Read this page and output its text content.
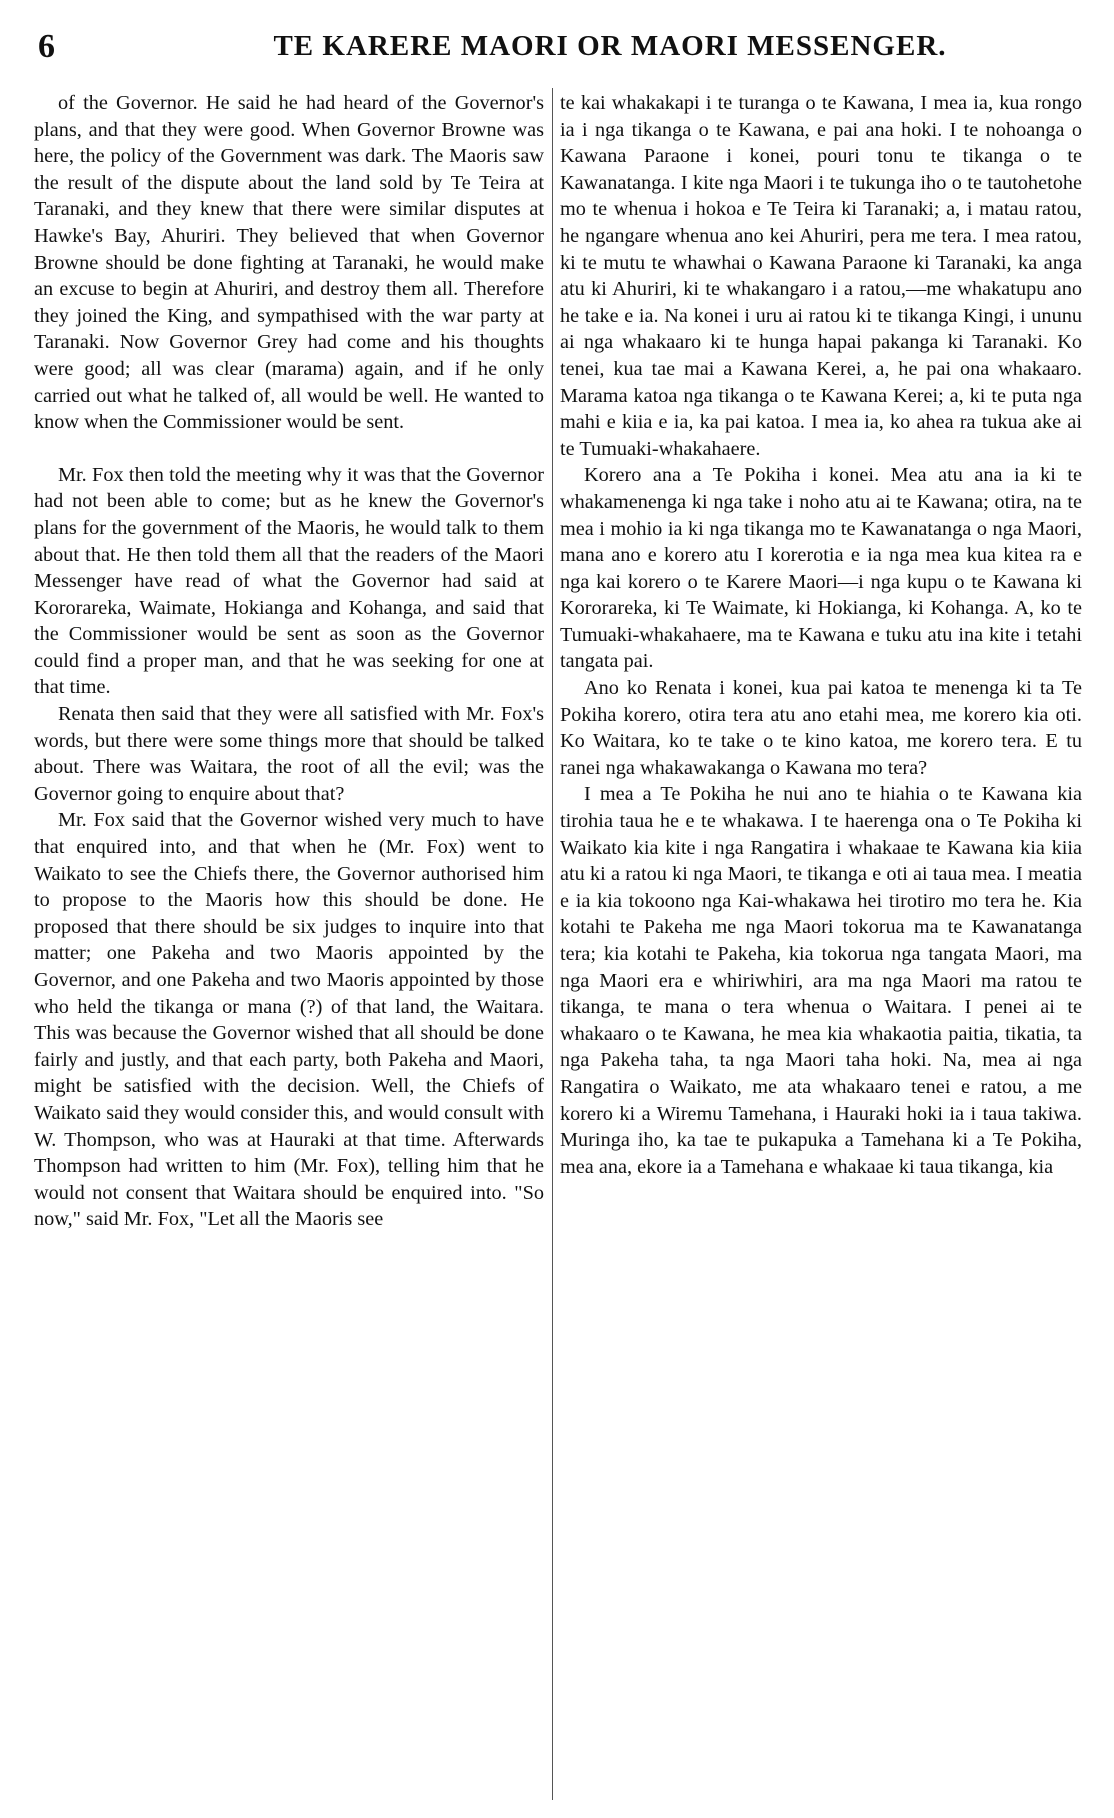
6	TE KARERE MAORI OR MAORI MESSENGER.

of the Governor. He said he had heard of the Governor's plans, and that they were good. When Governor Browne was here, the policy of the Government was dark. The Maoris saw the result of the dispute about the land sold by Te Teira at Taranaki, and they knew that there were similar disputes at Hawke's Bay, Ahuriri. They believed that when Governor Browne should be done fighting at Taranaki, he would make an excuse to begin at Ahuriri, and destroy them all. Therefore they joined the King, and sympathised with the war party at Taranaki. Now Governor Grey had come and his thoughts were good; all was clear (marama) again, and if he only carried out what he talked of, all would be well. He wanted to know when the Commissioner would be sent.

Mr. Fox then told the meeting why it was that the Governor had not been able to come; but as he knew the Governor's plans for the government of the Maoris, he would talk to them about that. He then told them all that the readers of the Maori Messenger have read of what the Governor had said at Kororareka, Waimate, Hokianga and Kohanga, and said that the Commissioner would be sent as soon as the Governor could find a proper man, and that he was seeking for one at that time.

Renata then said that they were all satisfied with Mr. Fox's words, but there were some things more that should be talked about. There was Waitara, the root of all the evil; was the Governor going to enquire about that?

Mr. Fox said that the Governor wished very much to have that enquired into, and that when he (Mr. Fox) went to Waikato to see the Chiefs there, the Governor authorised him to propose to the Maoris how this should be done. He proposed that there should be six judges to inquire into that matter; one Pakeha and two Maoris appointed by the Governor, and one Pakeha and two Maoris appointed by those who held the tikanga or mana (?) of that land, the Waitara. This was because the Governor wished that all should be done fairly and justly, and that each party, both Pakeha and Maori, might be satisfied with the decision. Well, the Chiefs of Waikato said they would consider this, and would consult with W. Thompson, who was at Hauraki at that time. Afterwards Thompson had written to him (Mr. Fox), telling him that he would not consent that Waitara should be enquired into. "So now," said Mr. Fox, "Let all the Maoris see

te kai whakakapi i te turanga o te Kawana, I mea ia, kua rongo ia i nga tikanga o te Kawana, e pai ana hoki. I te nohoanga o Kawana Paraone i konei, pouri tonu te tikanga o te Kawanatanga. I kite nga Maori i te tukunga iho o te tautohetohe mo te whenua i hokoa e Te Teira ki Taranaki; a, i matau ratou, he ngangare whenua ano kei Ahuriri, pera me tera. I mea ratou, ki te mutu te whawhai o Kawana Paraone ki Taranaki, ka anga atu ki Ahuriri, ki te whakangaro i a ratou,—me whakatupu ano he take e ia. Na konei i uru ai ratou ki te tikanga Kingi, i ununu ai nga whakaaro ki te hunga hapai pakanga ki Taranaki. Ko tenei, kua tae mai a Kawana Kerei, a, he pai ona whakaaro. Marama katoa nga tikanga o te Kawana Kerei; a, ki te puta nga mahi e kiia e ia, ka pai katoa. I mea ia, ko ahea ra tukua ake ai te Tumuaki-whakahaere.

Korero ana a Te Pokiha i konei. Mea atu ana ia ki te whakamenenga ki nga take i noho atu ai te Kawana; otira, na te mea i mohio ia ki nga tikanga mo te Kawanatanga o nga Maori, mana ano e korero atu I korerotia e ia nga mea kua kitea ra e nga kai korero o te Karere Maori—i nga kupu o te Kawana ki Kororareka, ki Te Waimate, ki Hokianga, ki Kohanga. A, ko te Tumuaki-whakahaere, ma te Kawana e tuku atu ina kite i tetahi tangata pai.

Ano ko Renata i konei, kua pai katoa te menenga ki ta Te Pokiha korero, otira tera atu ano etahi mea, me korero kia oti. Ko Waitara, ko te take o te kino katoa, me korero tera. E tu ranei nga whakawakanga o Kawana mo tera?

I mea a Te Pokiha he nui ano te hiahia o te Kawana kia tirohia taua he e te whakawa. I te haerenga ona o Te Pokiha ki Waikato kia kite i nga Rangatira i whakaae te Kawana kia kiia atu ki a ratou ki nga Maori, te tikanga e oti ai taua mea. I meatia e ia kia tokoono nga Kai-whakawa hei tirotiro mo tera he. Kia kotahi te Pakeha me nga Maori tokorua ma te Kawanatanga tera; kia kotahi te Pakeha, kia tokorua nga tangata Maori, ma nga Maori era e whiriwhiri, ara ma nga Maori ma ratou te tikanga, te mana o tera whenua o Waitara. I penei ai te whakaaro o te Kawana, he mea kia whakaotia paitia, tikatia, ta nga Pakeha taha, ta nga Maori taha hoki. Na, mea ai nga Rangatira o Waikato, me ata whakaaro tenei e ratou, a me korero ki a Wiremu Tamehana, i Hauraki hoki ia i taua takiwa. Muringa iho, ka tae te pukapuka a Tamehana ki a Te Pokiha, mea ana, ekore ia a Tamehana e whakaae ki taua tikanga, kia
